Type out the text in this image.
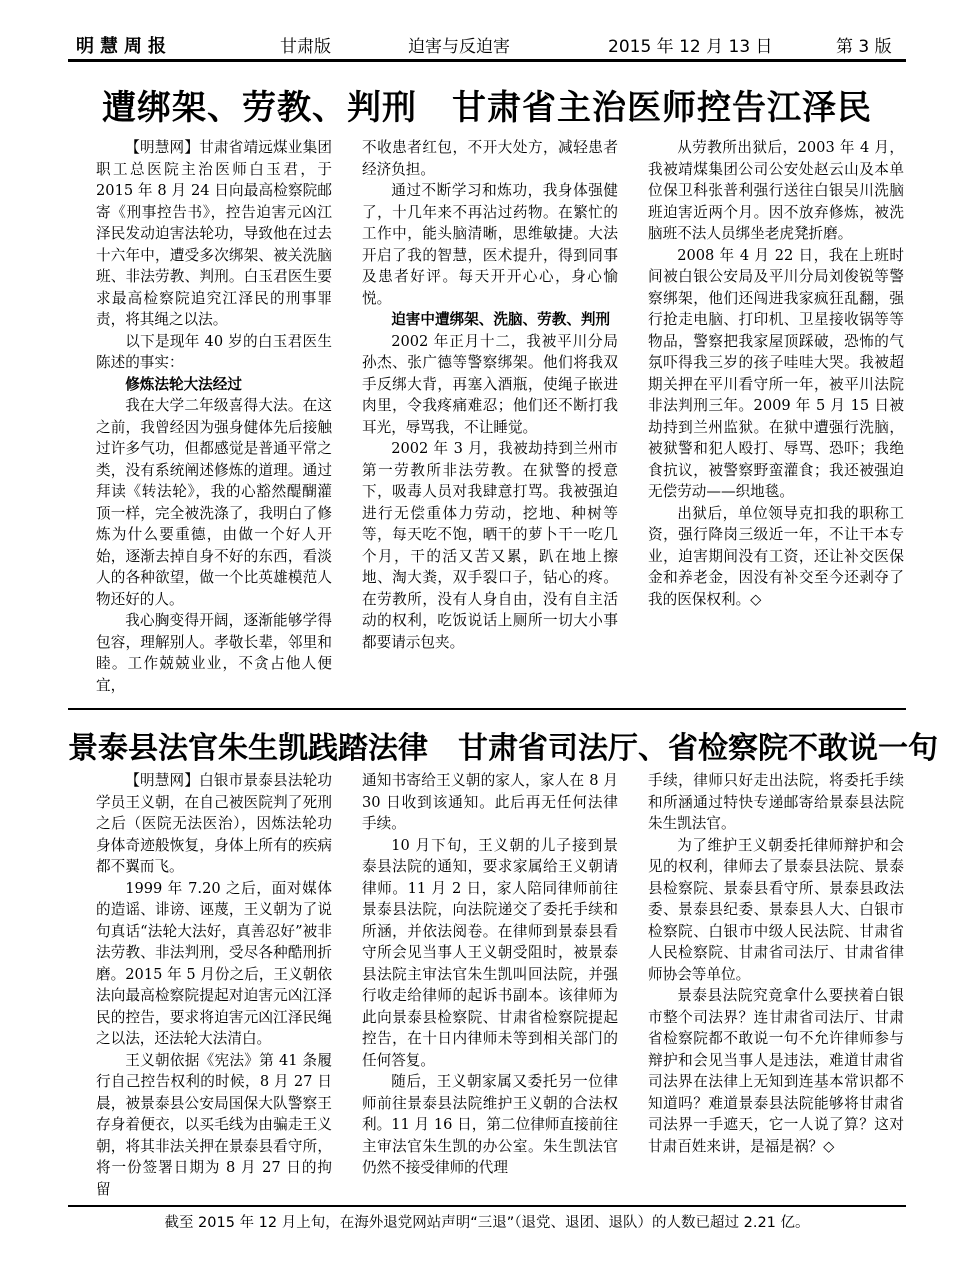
明慧周报	甘肃版	迫害与反迫害	2015 年 12 月 13 日	第 3 版
遭绑架、劳教、判刑　甘肃省主治医师控告江泽民

【明慧网】甘肃省靖远煤业集团职工总医院主治医师白玉君，于 2015 年 8 月 24 日向最高检察院邮寄《刑事控告书》，控告迫害元凶江泽民发动迫害法轮功，导致他在过去十六年中，遭受多次绑架、被关洗脑班、非法劳教、判刑。白玉君医生要求最高检察院追究江泽民的刑事罪责，将其绳之以法。

以下是现年 40 岁的白玉君医生陈述的事实：

修炼法轮大法经过

我在大学二年级喜得大法。在这之前，我曾经因为强身健体先后接触过许多气功，但都感觉是普通平常之类，没有系统阐述修炼的道理。通过拜读《转法轮》，我的心豁然醍醐灌顶一样，完全被洗涤了，我明白了修炼为什么要重德，由做一个好人开始，逐渐去掉自身不好的东西，看淡人的各种欲望，做一个比英雄模范人物还好的人。

我心胸变得开阔，逐渐能够学得包容，理解别人。孝敬长辈，邻里和睦。工作兢兢业业，不贪占他人便宜，

不收患者红包，不开大处方，减轻患者经济负担。

通过不断学习和炼功，我身体强健了，十几年来不再沾过药物。在繁忙的工作中，能头脑清晰，思维敏捷。大法开启了我的智慧，医术提升，得到同事及患者好评。每天开开心心，身心愉悦。

迫害中遭绑架、洗脑、劳教、判刑

2002 年正月十二，我被平川分局孙杰、张广德等警察绑架。他们将我双手反绑大背，再塞入酒瓶，使绳子嵌进肉里，令我疼痛难忍；他们还不断打我耳光，辱骂我，不让睡觉。

2002 年 3 月，我被劫持到兰州市第一劳教所非法劳教。在狱警的授意下，吸毒人员对我肆意打骂。我被强迫进行无偿重体力劳动，挖地、种树等等，每天吃不饱，晒干的萝卜干一吃几个月，干的活又苦又累，趴在地上擦地、淘大粪，双手裂口子，钻心的疼。在劳教所，没有人身自由，没有自主活动的权利，吃饭说话上厕所一切大小事都要请示包夹。

从劳教所出狱后，2003 年 4 月，我被靖煤集团公司公安处赵云山及本单位保卫科张普利强行送往白银吴川洗脑班迫害近两个月。因不放弃修炼，被洗脑班不法人员绑坐老虎凳折磨。

2008 年 4 月 22 日，我在上班时间被白银公安局及平川分局刘俊锐等警察绑架，他们还闯进我家疯狂乱翻，强行抢走电脑、打印机、卫星接收锅等等物品，警察把我家屋顶踩破，恐怖的气氛吓得我三岁的孩子哇哇大哭。我被超期关押在平川看守所一年，被平川法院非法判刑三年。2009 年 5 月 15 日被劫持到兰州监狱。在狱中遭强行洗脑，被狱警和犯人殴打、辱骂、恐吓；我绝食抗议，被警察野蛮灌食；我还被强迫无偿劳动——织地毯。

出狱后，单位领导克扣我的职称工资，强行降岗三级近一年，不让干本专业，迫害期间没有工资，还让补交医保金和养老金，因没有补交至今还剥夺了我的医保权利。◇

景泰县法官朱生凯践踏法律　甘肃省司法厅、省检察院不敢说一句

【明慧网】白银市景泰县法轮功学员王义朝，在自己被医院判了死刑之后（医院无法医治），因炼法轮功身体奇迹般恢复，身体上所有的疾病都不翼而飞。

1999 年 7.20 之后，面对媒体的造谣、诽谤、诬蔑，王义朝为了说句真话“法轮大法好，真善忍好”被非法劳教、非法判刑，受尽各种酷刑折磨。2015 年 5 月份之后，王义朝依法向最高检察院提起对迫害元凶江泽民的控告，要求将迫害元凶江泽民绳之以法，还法轮大法清白。

王义朝依据《宪法》第 41 条履行自己控告权利的时候，8 月 27 日晨，被景泰县公安局国保大队警察王存身着便衣，以买毛线为由骗走王义朝，将其非法关押在景泰县看守所，将一份签署日期为 8 月 27 日的拘留

通知书寄给王义朝的家人，家人在 8 月 30 日收到该通知。此后再无任何法律手续。

10 月下旬，王义朝的儿子接到景泰县法院的通知，要求家属给王义朝请律师。11 月 2 日，家人陪同律师前往景泰县法院，向法院递交了委托手续和所涵，并依法阅卷。在律师到景泰县看守所会见当事人王义朝受阻时，被景泰县法院主审法官朱生凯叫回法院，并强行收走给律师的起诉书副本。该律师为此向景泰县检察院、甘肃省检察院提起控告，在十日内律师未等到相关部门的任何答复。

随后，王义朝家属又委托另一位律师前往景泰县法院维护王义朝的合法权利。11 月 16 日，第二位律师直接前往主审法官朱生凯的办公室。朱生凯法官仍然不接受律师的代理

手续，律师只好走出法院，将委托手续和所涵通过特快专递邮寄给景泰县法院朱生凯法官。

为了维护王义朝委托律师辩护和会见的权利，律师去了景泰县法院、景泰县检察院、景泰县看守所、景泰县政法委、景泰县纪委、景泰县人大、白银市检察院、白银市中级人民法院、甘肃省人民检察院、甘肃省司法厅、甘肃省律师协会等单位。

景泰县法院究竟拿什么要挟着白银市整个司法界？连甘肃省司法厅、甘肃省检察院都不敢说一句不允许律师参与辩护和会见当事人是违法，难道甘肃省司法界在法律上无知到连基本常识都不知道吗？难道景泰县法院能够将甘肃省司法界一手遮天，它一人说了算？这对甘肃百姓来讲，是福是祸？◇

截至 2015 年 12 月上旬，在海外退党网站声明“三退”（退党、退团、退队）的人数已超过 2.21 亿。
